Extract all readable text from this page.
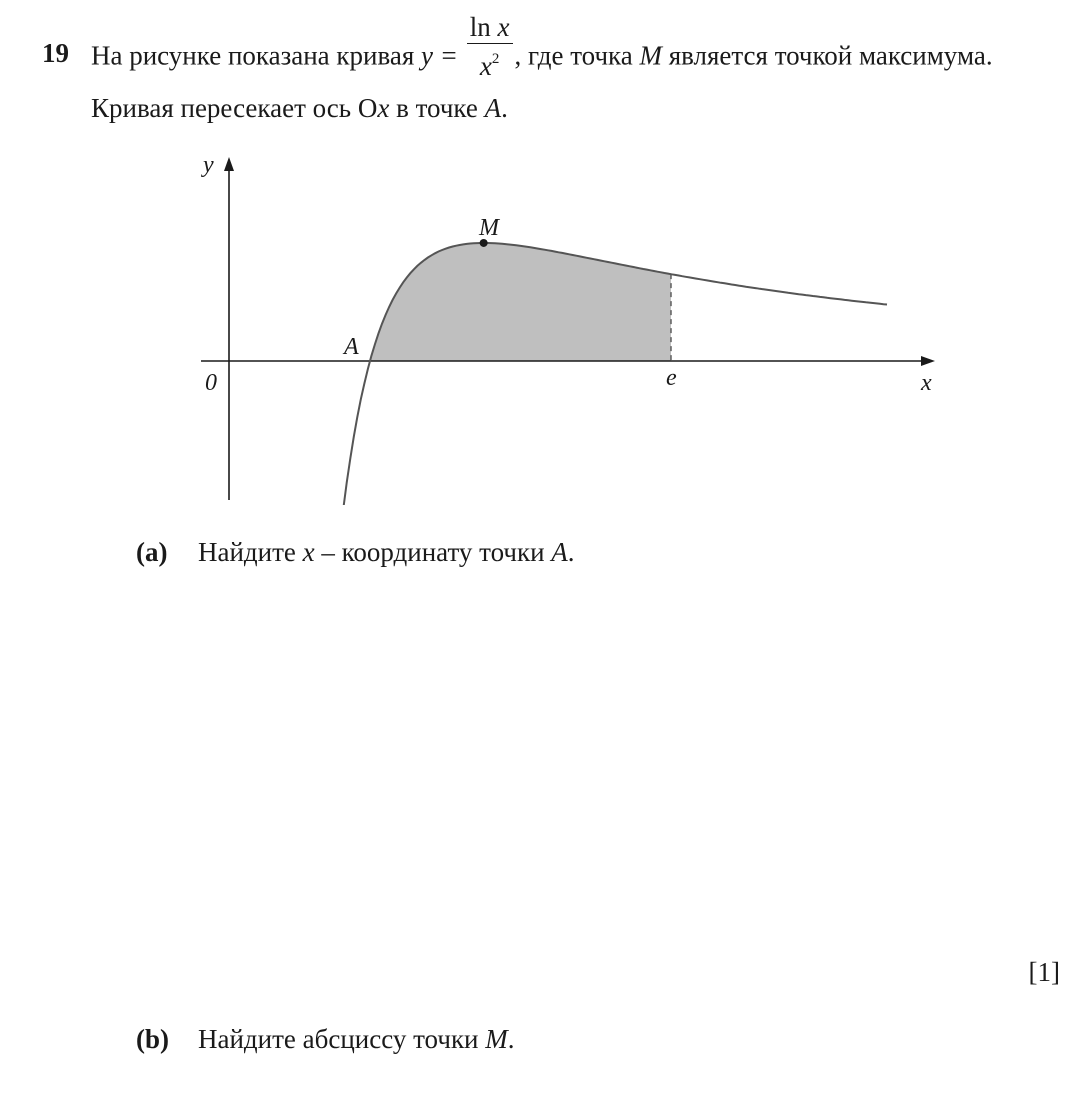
19 На рисунке показана кривая $y = \frac{\text{ln x}}{x^2}$ , где точка M является точкой максимума.
Кривая пересекает ось Ox в точке A.
y
x
0
A
M
e
(a) Найдите x – координату точки A.
[1]
(b) Найдите абсциссу точки M.
